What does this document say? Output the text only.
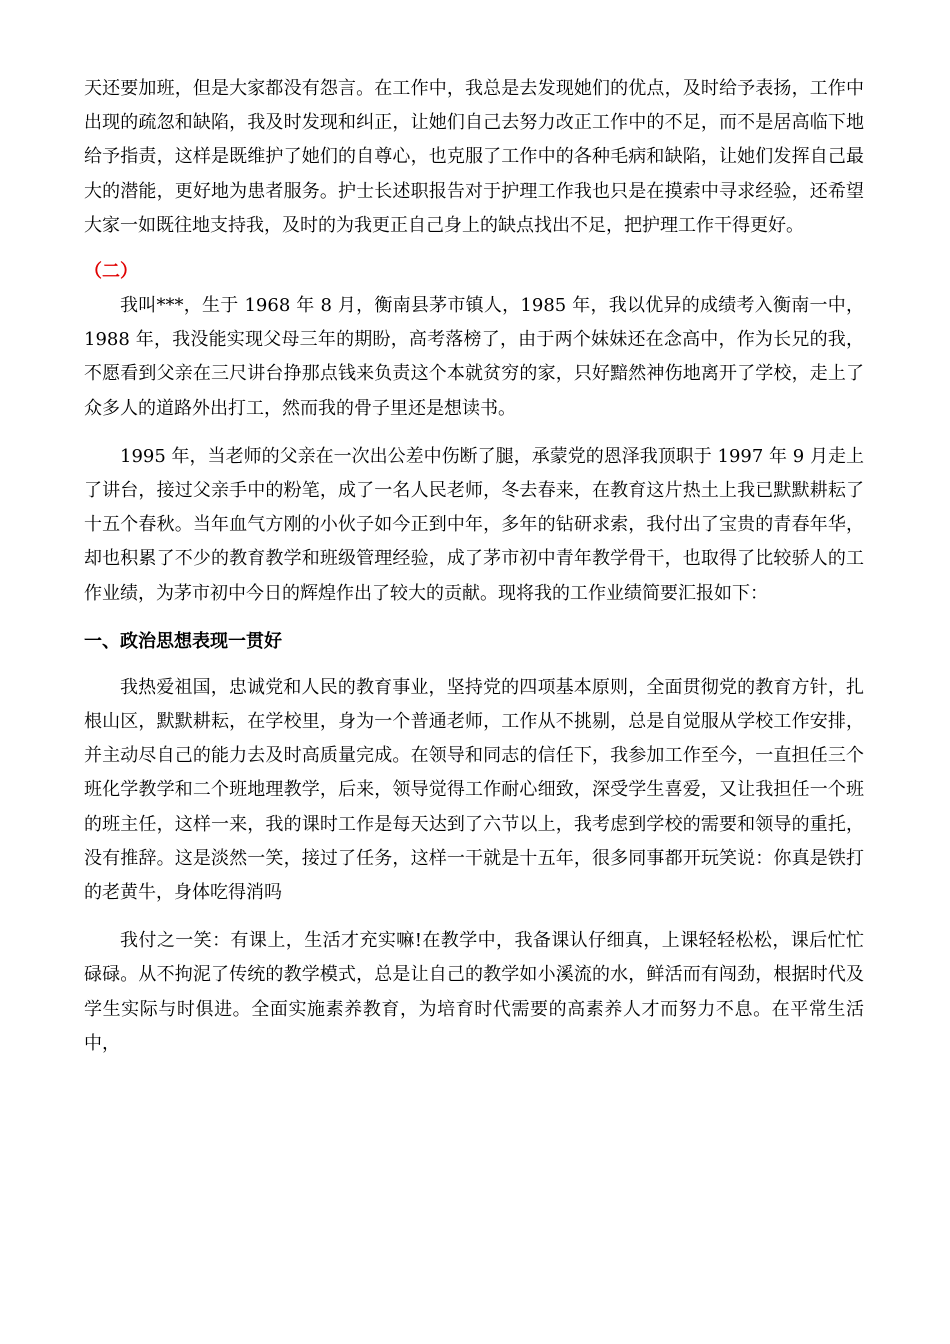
天还要加班，但是大家都没有怨言。在工作中，我总是去发现她们的优点，及时给予表扬，工作中出现的疏忽和缺陷，我及时发现和纠正，让她们自己去努力改正工作中的不足，而不是居高临下地给予指责，这样是既维护了她们的自尊心，也克服了工作中的各种毛病和缺陷，让她们发挥自己最大的潜能，更好地为患者服务。护士长述职报告对于护理工作我也只是在摸索中寻求经验，还希望大家一如既往地支持我，及时的为我更正自己身上的缺点找出不足，把护理工作干得更好。

（二）

我叫***，生于 1968 年 8 月，衡南县茅市镇人，1985 年，我以优异的成绩考入衡南一中，1988 年，我没能实现父母三年的期盼，高考落榜了，由于两个妹妹还在念高中，作为长兄的我，不愿看到父亲在三尺讲台挣那点钱来负责这个本就贫穷的家，只好黯然神伤地离开了学校，走上了众多人的道路外出打工，然而我的骨子里还是想读书。

1995 年，当老师的父亲在一次出公差中伤断了腿，承蒙党的恩泽我顶职于 1997 年 9 月走上了讲台，接过父亲手中的粉笔，成了一名人民老师，冬去春来，在教育这片热土上我已默默耕耘了十五个春秋。当年血气方刚的小伙子如今正到中年，多年的钻研求索，我付出了宝贵的青春年华，却也积累了不少的教育教学和班级管理经验，成了茅市初中青年教学骨干，也取得了比较骄人的工作业绩，为茅市初中今日的辉煌作出了较大的贡献。现将我的工作业绩简要汇报如下：

一、政治思想表现一贯好

我热爱祖国，忠诚党和人民的教育事业，坚持党的四项基本原则，全面贯彻党的教育方针，扎根山区，默默耕耘，在学校里，身为一个普通老师，工作从不挑剔，总是自觉服从学校工作安排，并主动尽自己的能力去及时高质量完成。在领导和同志的信任下，我参加工作至今，一直担任三个班化学教学和二个班地理教学，后来，领导觉得工作耐心细致，深受学生喜爱，又让我担任一个班的班主任，这样一来，我的课时工作是每天达到了六节以上，我考虑到学校的需要和领导的重托，没有推辞。这是淡然一笑，接过了任务，这样一干就是十五年，很多同事都开玩笑说：你真是铁打的老黄牛，身体吃得消吗

我付之一笑：有课上，生活才充实嘛!在教学中，我备课认仔细真，上课轻轻松松，课后忙忙碌碌。从不拘泥了传统的教学模式，总是让自己的教学如小溪流的水，鲜活而有闯劲，根据时代及学生实际与时俱进。全面实施素养教育，为培育时代需要的高素养人才而努力不息。在平常生活中，
